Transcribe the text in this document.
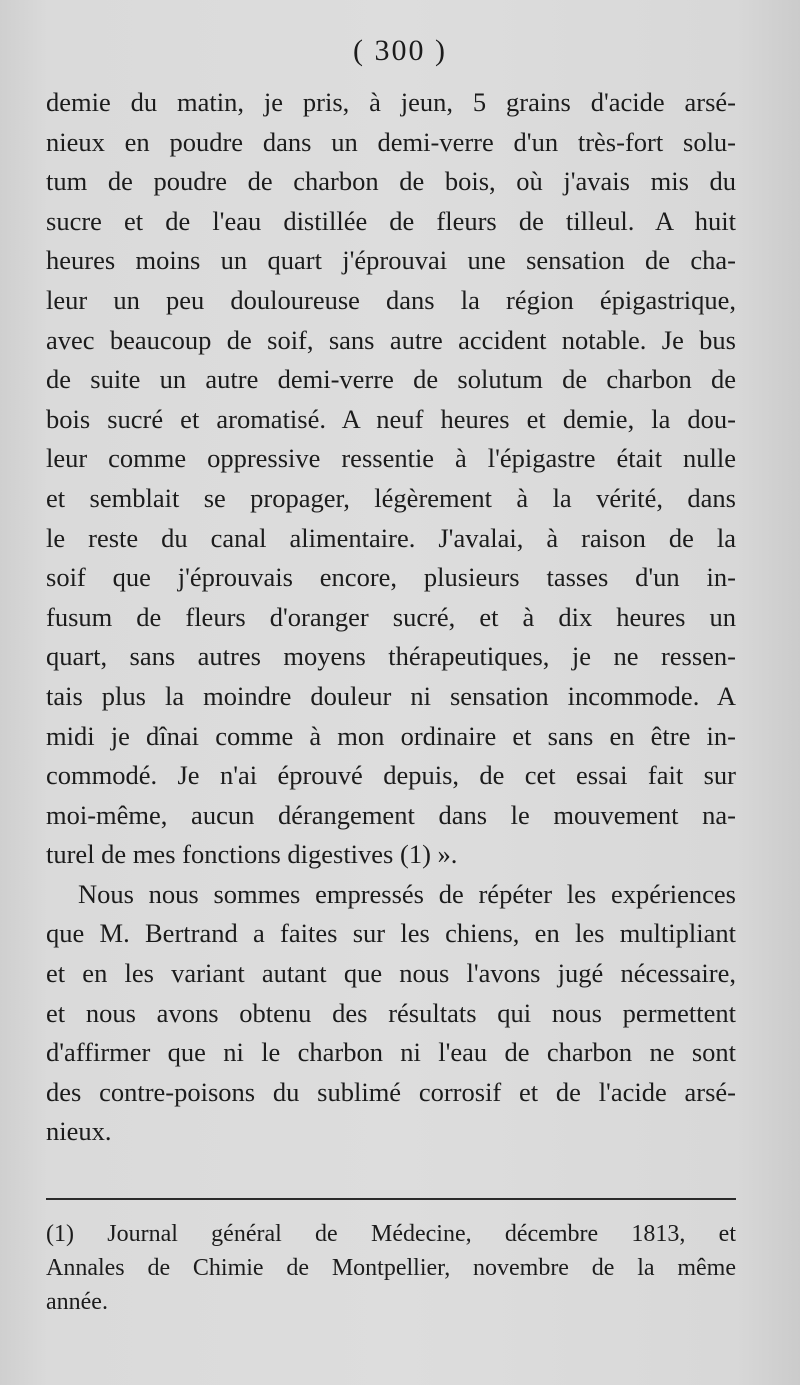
( 300 )
demie du matin, je pris, à jeun, 5 grains d'acide arsé-
nieux en poudre dans un demi-verre d'un très-fort solu-
tum de poudre de charbon de bois, où j'avais mis du
sucre et de l'eau distillée de fleurs de tilleul. A huit
heures moins un quart j'éprouvai une sensation de cha-
leur un peu douloureuse dans la région épigastrique,
avec beaucoup de soif, sans autre accident notable. Je bus
de suite un autre demi-verre de solutum de charbon de
bois sucré et aromatisé. A neuf heures et demie, la dou-
leur comme oppressive ressentie à l'épigastre était nulle
et semblait se propager, légèrement à la vérité, dans
le reste du canal alimentaire. J'avalai, à raison de la
soif que j'éprouvais encore, plusieurs tasses d'un in-
fusum de fleurs d'oranger sucré, et à dix heures un
quart, sans autres moyens thérapeutiques, je ne ressen-
tais plus la moindre douleur ni sensation incommode. A
midi je dînai comme à mon ordinaire et sans en être in-
commodé. Je n'ai éprouvé depuis, de cet essai fait sur
moi-même, aucun dérangement dans le mouvement na-
turel de mes fonctions digestives (1) ».
Nous nous sommes empressés de répéter les expériences
que M. Bertrand a faites sur les chiens, en les multipliant
et en les variant autant que nous l'avons jugé nécessaire,
et nous avons obtenu des résultats qui nous permettent
d'affirmer que ni le charbon ni l'eau de charbon ne sont
des contre-poisons du sublimé corrosif et de l'acide arsé-
nieux.
(1) Journal général de Médecine, décembre 1813, et
Annales de Chimie de Montpellier, novembre de la même
année.
